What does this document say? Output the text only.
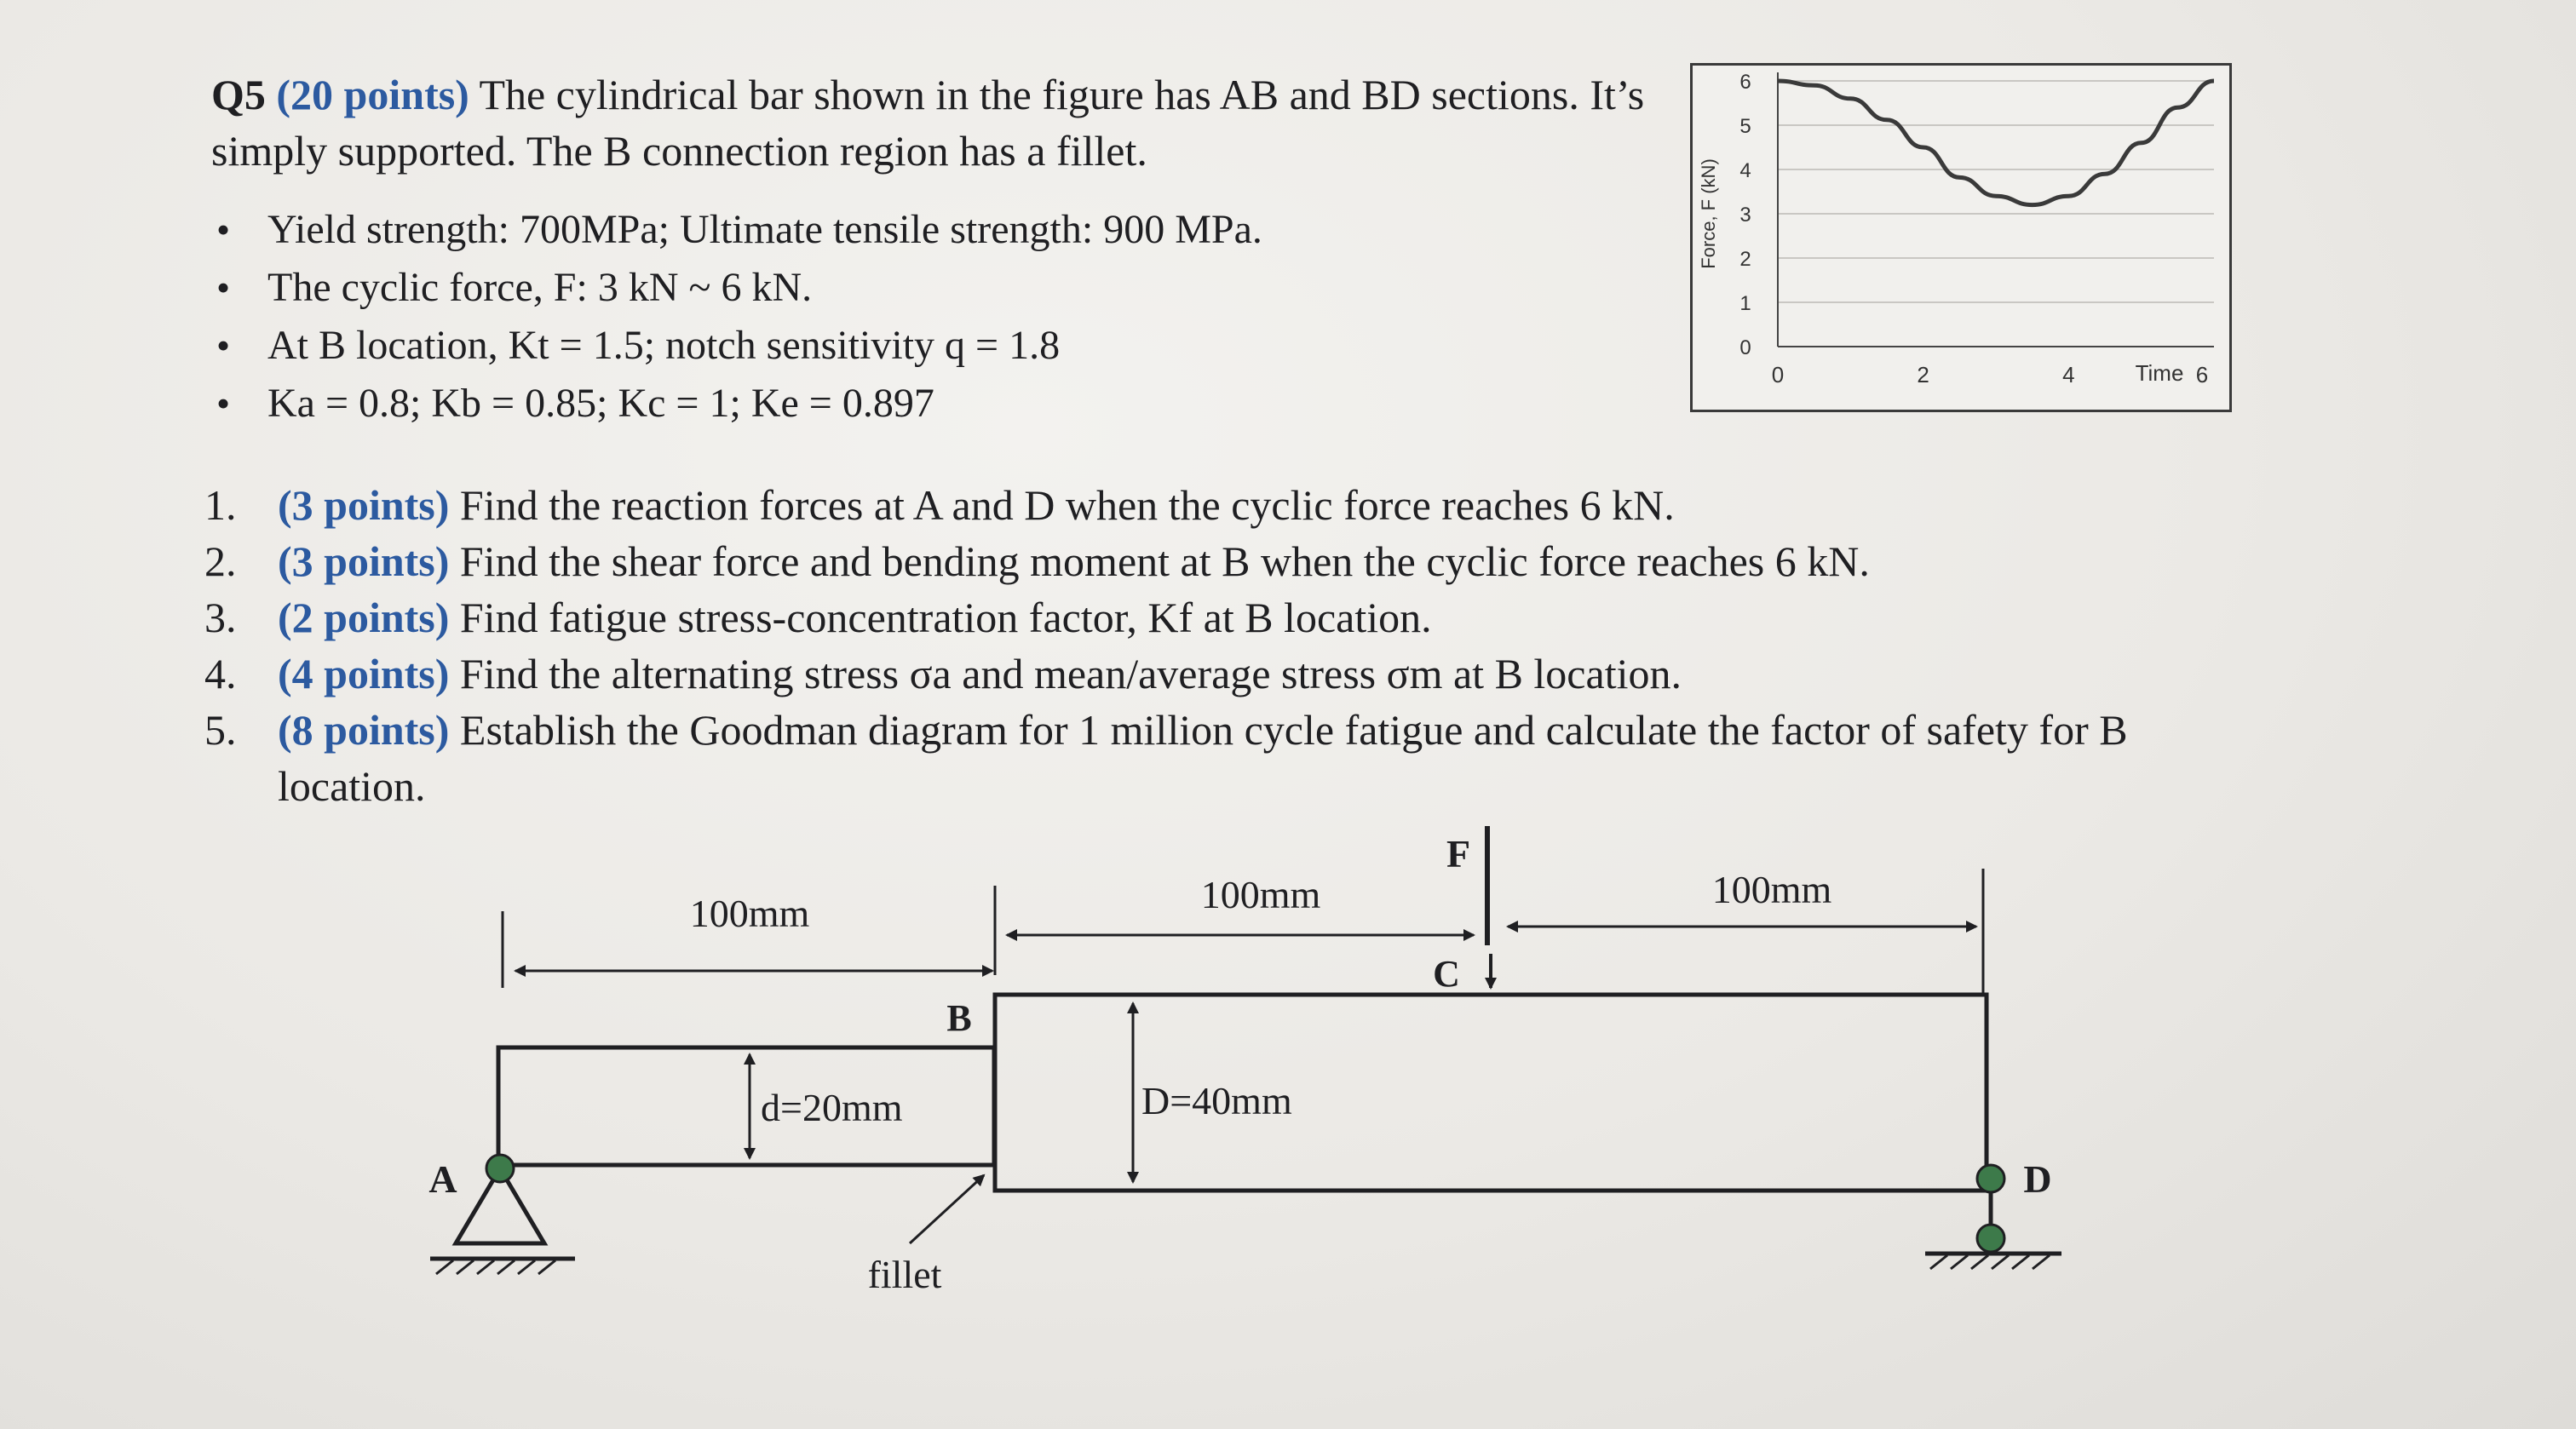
Q5 (20 points) The cylindrical bar shown in the figure has AB and BD sections. It’s simply supported. The B connection region has a fillet.
• Yield strength: 700MPa; Ultimate tensile strength: 900 MPa.
• The cyclic force, F: 3 kN ~ 6 kN.
• At B location, Kt = 1.5; notch sensitivity q = 1.8
• Ka = 0.8; Kb = 0.85; Kc = 1; Ke = 0.897
0
1
2
3
4
5
6
Force, F (kN)
0	2	4	6
Time
1. (3 points) Find the reaction forces at A and D when the cyclic force reaches 6 kN.
2. (3 points) Find the shear force and bending moment at B when the cyclic force reaches 6 kN.
3. (2 points) Find fatigue stress-concentration factor, Kf at B location.
4. (4 points) Find the alternating stress σa and mean/average stress σm at B location.
5. (8 points) Establish the Goodman diagram for 1 million cycle fatigue and calculate the factor of safety for B location.
100mm	100mm	100mm
F
C
B
d=20mm	D=40mm
fillet
A	D
